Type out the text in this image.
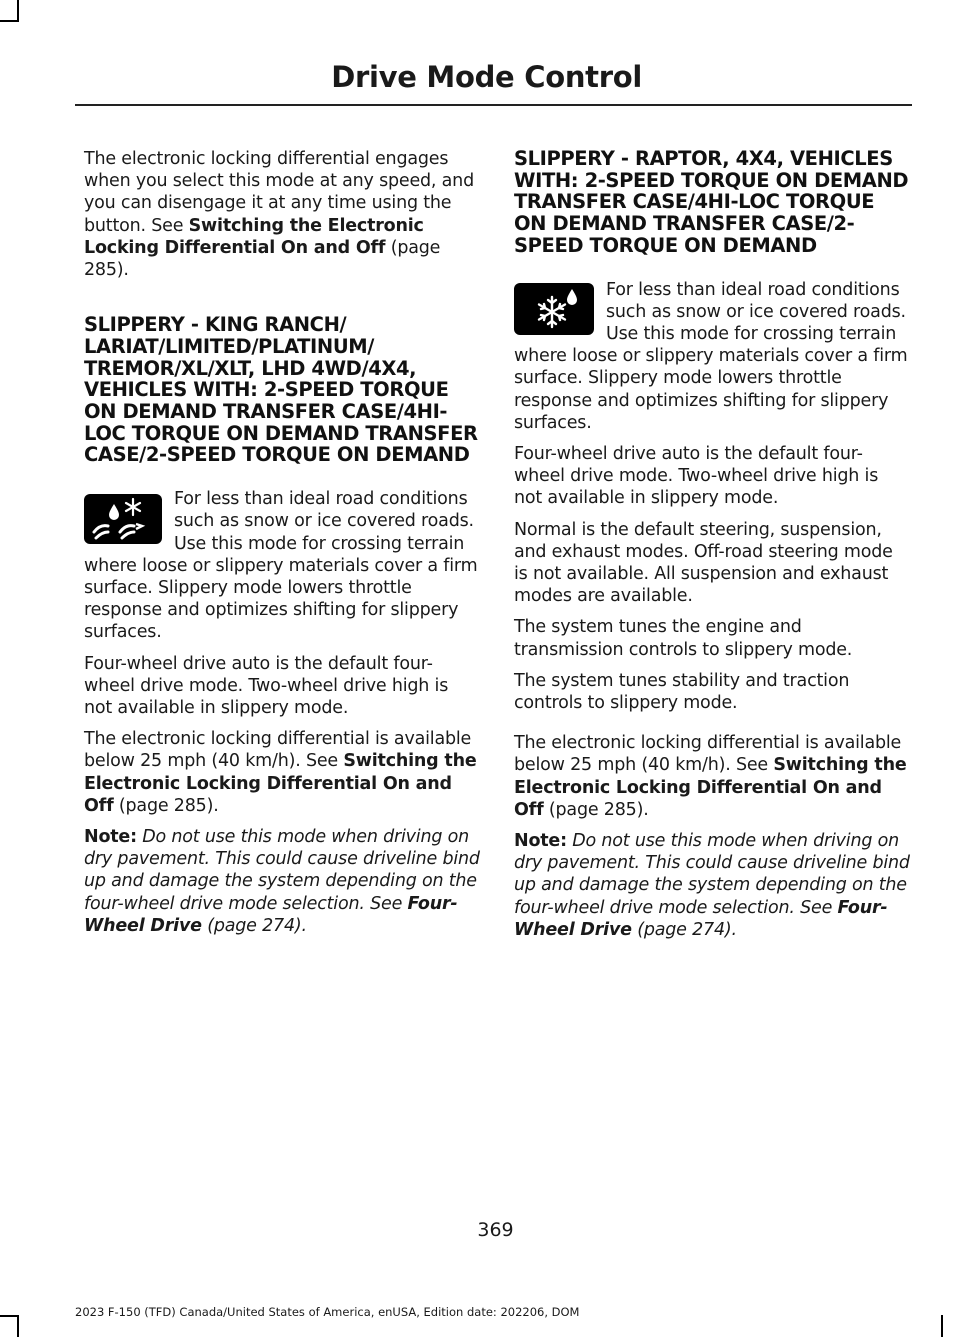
Drive Mode Control

The electronic locking differential engages when you select this mode at any speed, and you can disengage it at any time using the button. See Switching the Electronic Locking Differential On and Off (page 285).

SLIPPERY - KING RANCH/ LARIAT/LIMITED/PLATINUM/ TREMOR/XL/XLT, LHD 4WD/4X4, VEHICLES WITH: 2-SPEED TORQUE ON DEMAND TRANSFER CASE/4HI-LOC TORQUE ON DEMAND TRANSFER CASE/2-SPEED TORQUE ON DEMAND

For less than ideal road conditions such as snow or ice covered roads. Use this mode for crossing terrain where loose or slippery materials cover a firm surface. Slippery mode lowers throttle response and optimizes shifting for slippery surfaces.

Four-wheel drive auto is the default four-wheel drive mode. Two-wheel drive high is not available in slippery mode.

The electronic locking differential is available below 25 mph (40 km/h). See Switching the Electronic Locking Differential On and Off (page 285).

Note: Do not use this mode when driving on dry pavement. This could cause driveline bind up and damage the system depending on the four-wheel drive mode selection. See Four-Wheel Drive (page 274).

SLIPPERY - RAPTOR, 4X4, VEHICLES WITH: 2-SPEED TORQUE ON DEMAND TRANSFER CASE/4HI-LOC TORQUE ON DEMAND TRANSFER CASE/2-SPEED TORQUE ON DEMAND

For less than ideal road conditions such as snow or ice covered roads. Use this mode for crossing terrain where loose or slippery materials cover a firm surface. Slippery mode lowers throttle response and optimizes shifting for slippery surfaces.

Four-wheel drive auto is the default four-wheel drive mode. Two-wheel drive high is not available in slippery mode.

Normal is the default steering, suspension, and exhaust modes. Off-road steering mode is not available. All suspension and exhaust modes are available.

The system tunes the engine and transmission controls to slippery mode.

The system tunes stability and traction controls to slippery mode.

The electronic locking differential is available below 25 mph (40 km/h). See Switching the Electronic Locking Differential On and Off (page 285).

Note: Do not use this mode when driving on dry pavement. This could cause driveline bind up and damage the system depending on the four-wheel drive mode selection. See Four-Wheel Drive (page 274).

369
2023 F-150 (TFD) Canada/United States of America, enUSA, Edition date: 202206, DOM
